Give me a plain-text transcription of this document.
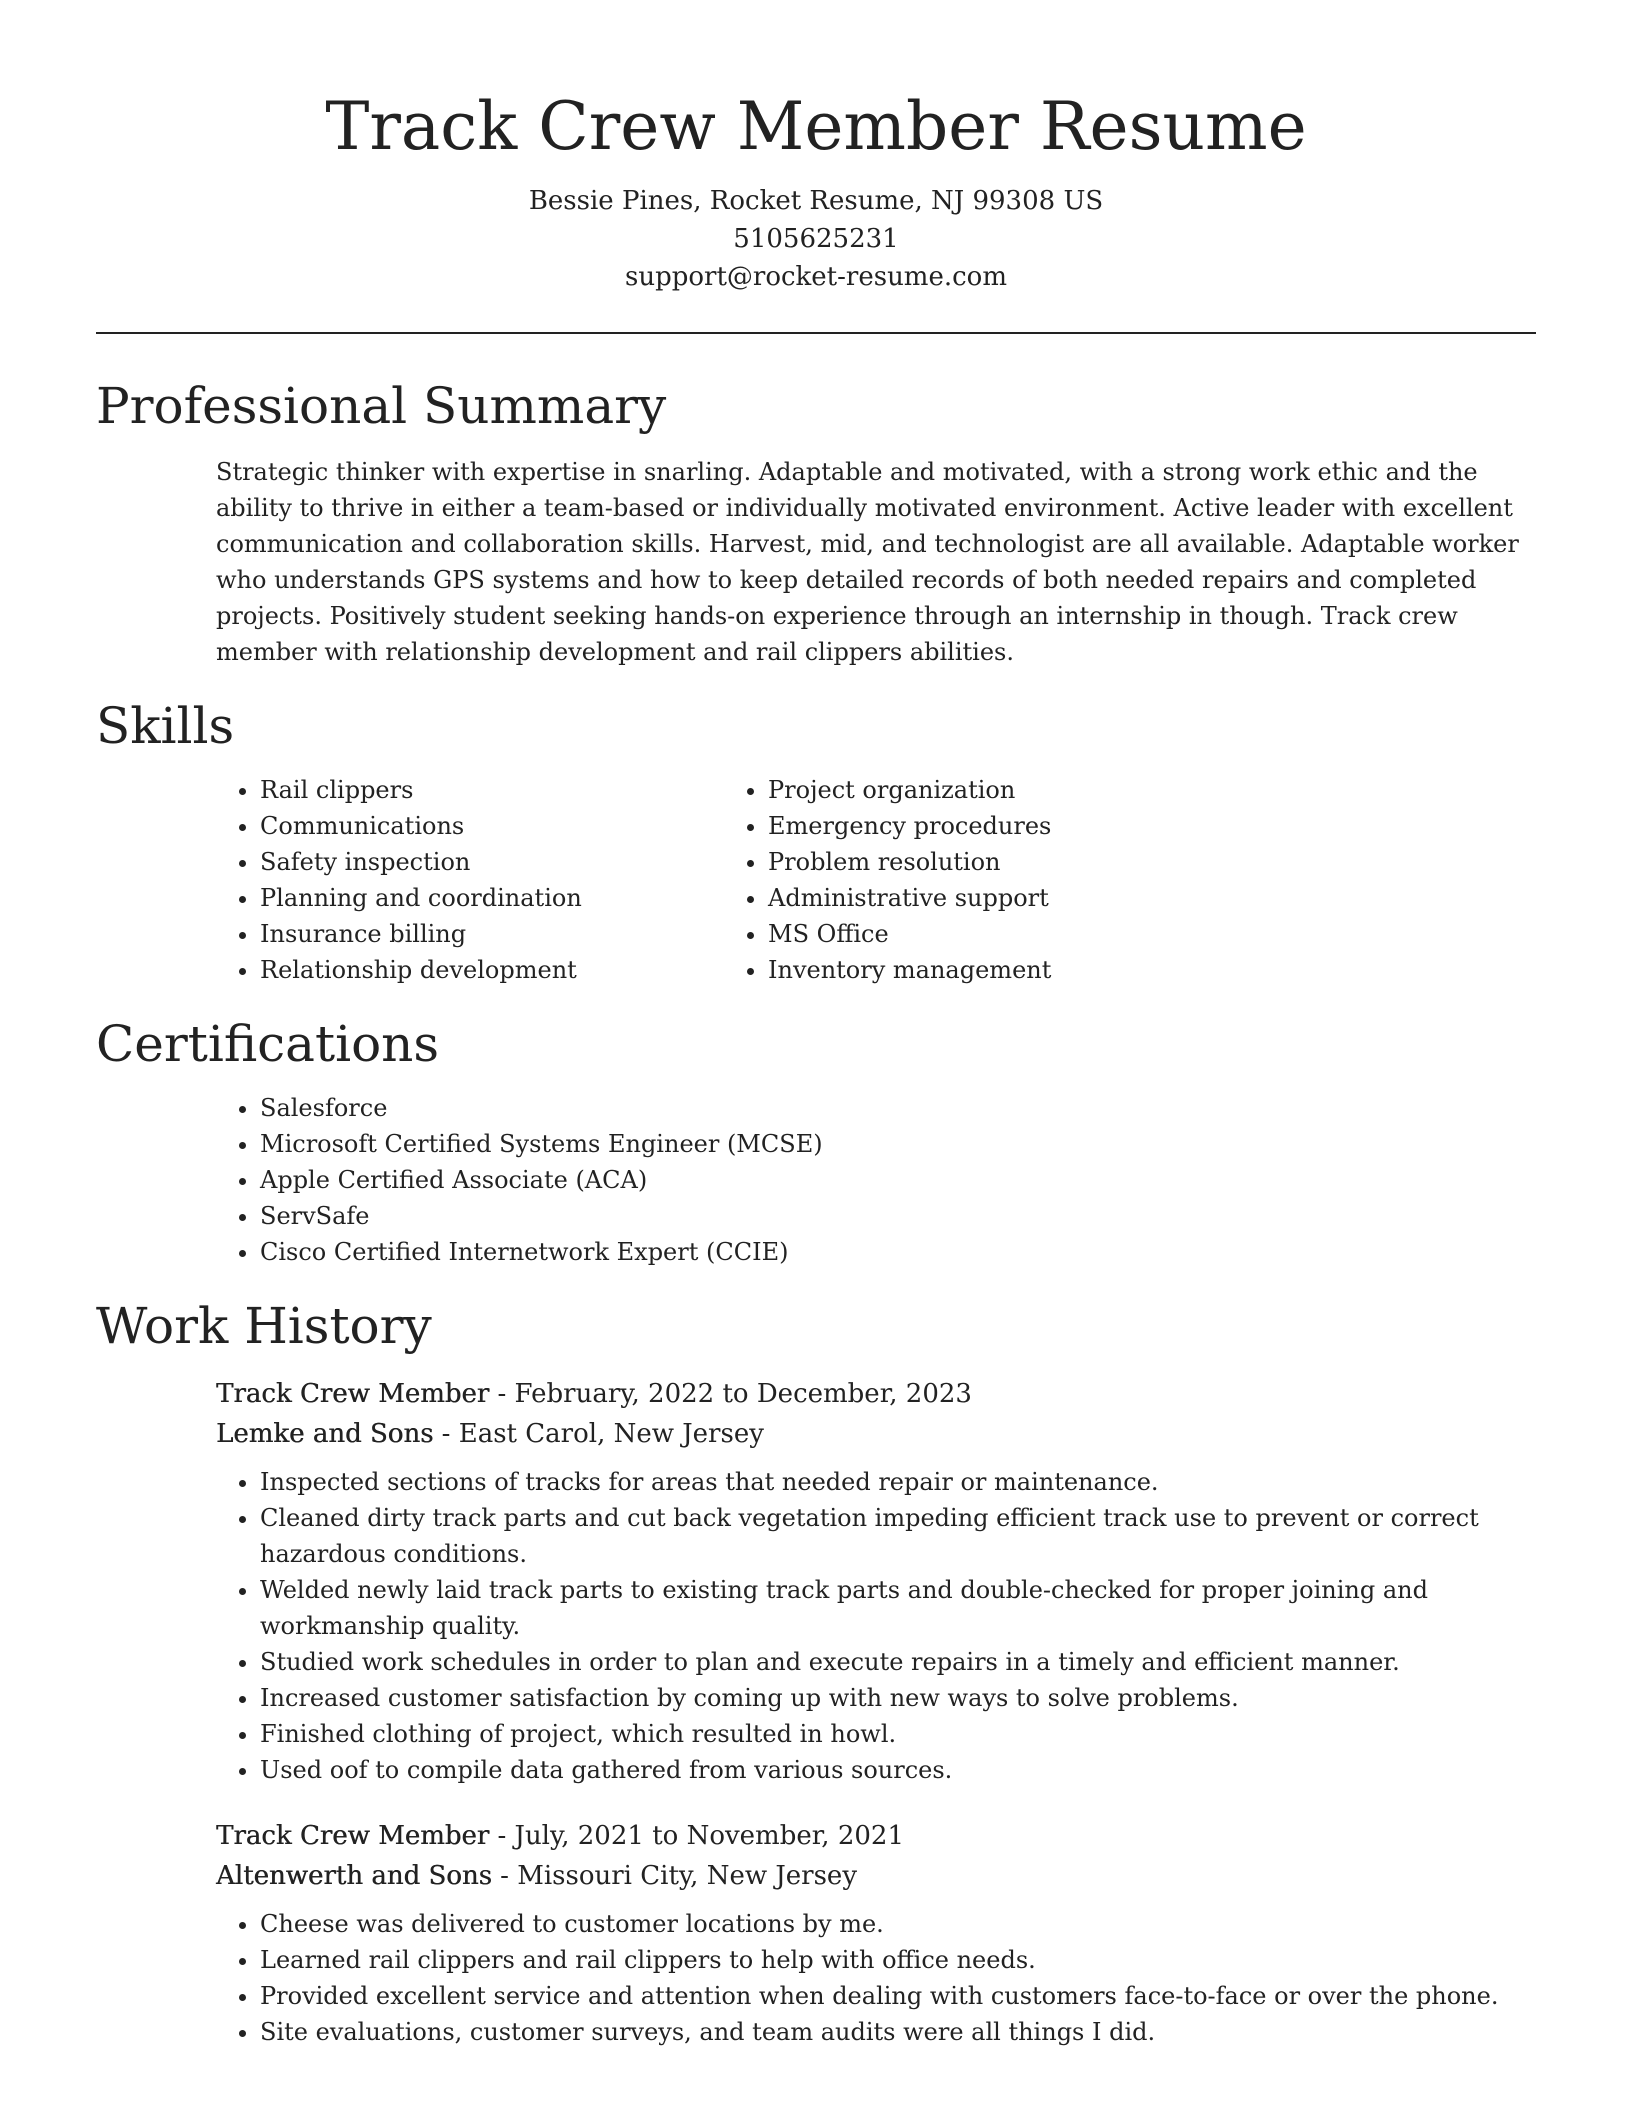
Track Crew Member Resume
Bessie Pines, Rocket Resume, NJ 99308 US
5105625231
support@rocket-resume.com
Professional Summary

Strategic thinker with expertise in snarling. Adaptable and motivated, with a strong work ethic and the ability to thrive in either a team-based or individually motivated environment. Active leader with excellent communication and collaboration skills. Harvest, mid, and technologist are all available. Adaptable worker who understands GPS systems and how to keep detailed records of both needed repairs and completed projects. Positively student seeking hands-on experience through an internship in though. Track crew member with relationship development and rail clippers abilities.

Skills
• Rail clippers
• Communications
• Safety inspection
• Planning and coordination
• Insurance billing
• Relationship development
• Project organization
• Emergency procedures
• Problem resolution
• Administrative support
• MS Office
• Inventory management
Certifications
• Salesforce
• Microsoft Certified Systems Engineer (MCSE)
• Apple Certified Associate (ACA)
• ServSafe
• Cisco Certified Internetwork Expert (CCIE)
Work History
Track Crew Member - February, 2022 to December, 2023
Lemke and Sons - East Carol, New Jersey
• Inspected sections of tracks for areas that needed repair or maintenance.
• Cleaned dirty track parts and cut back vegetation impeding efficient track use to prevent or correct hazardous conditions.
• Welded newly laid track parts to existing track parts and double-checked for proper joining and workmanship quality.
• Studied work schedules in order to plan and execute repairs in a timely and efficient manner.
• Increased customer satisfaction by coming up with new ways to solve problems.
• Finished clothing of project, which resulted in howl.
• Used oof to compile data gathered from various sources.
Track Crew Member - July, 2021 to November, 2021
Altenwerth and Sons - Missouri City, New Jersey
• Cheese was delivered to customer locations by me.
• Learned rail clippers and rail clippers to help with office needs.
• Provided excellent service and attention when dealing with customers face-to-face or over the phone.
• Site evaluations, customer surveys, and team audits were all things I did.
